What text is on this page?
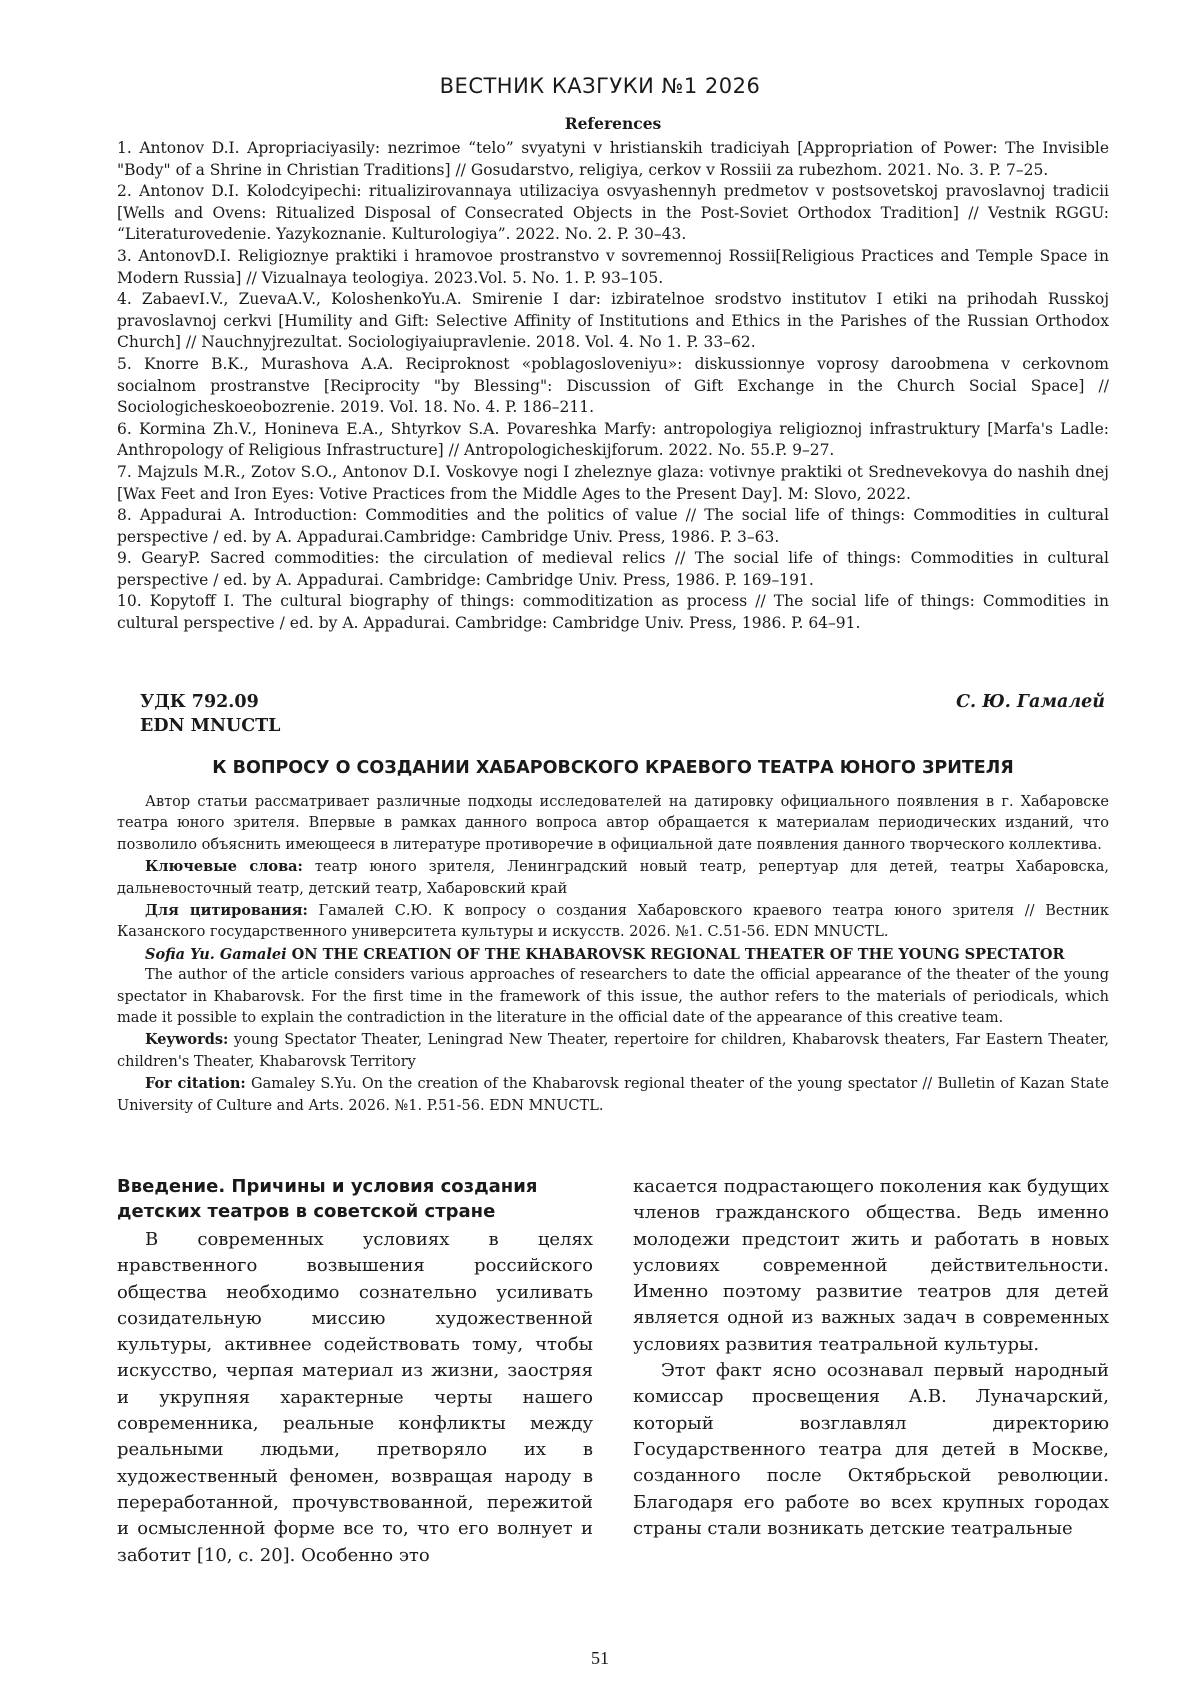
ВЕСТНИК КАЗГУКИ №1 2026

References

1. Antonov D.I. Apropriaciyasily: nezrimoe “telo” svyatyni v hristianskih tradiciyah [Appropriation of Power: The Invisible "Body" of a Shrine in Christian Traditions] // Gosudarstvo, religiya, cerkov v Rossiii za rubezhom. 2021. No. 3. P. 7–25.

2. Antonov D.I. Kolodcyipechi: ritualizirovannaya utilizaciya osvyashennyh predmetov v postsovetskoj pravoslavnoj tradicii [Wells and Ovens: Ritualized Disposal of Consecrated Objects in the Post-Soviet Orthodox Tradition] // Vestnik RGGU: “Literaturovedenie. Yazykoznanie. Kulturologiya”. 2022. No. 2. P. 30–43.

3. AntonovD.I. Religioznye praktiki i hramovoe prostranstvo v sovremennoj Rossii[Religious Practices and Temple Space in Modern Russia] // Vizualnaya teologiya. 2023.Vol. 5. No. 1. P. 93–105.

4. ZabaevI.V., ZuevaA.V., KoloshenkoYu.A. Smirenie I dar: izbiratelnoe srodstvo institutov I etiki na prihodah Russkoj pravoslavnoj cerkvi [Humility and Gift: Selective Affinity of Institutions and Ethics in the Parishes of the Russian Orthodox Church] // Nauchnyjrezultat. Sociologiyaiupravlenie. 2018. Vol. 4. No 1. P. 33–62.

5. Knorre B.K., Murashova A.A. Reciproknost «poblagosloveniyu»: diskussionnye voprosy daroobmena v cerkovnom socialnom prostranstve [Reciprocity "by Blessing": Discussion of Gift Exchange in the Church Social Space] // Sociologicheskoeobozrenie. 2019. Vol. 18. No. 4. P. 186–211.

6. Kormina Zh.V., Honineva E.A., Shtyrkov S.A. Povareshka Marfy: antropologiya religioznoj infrastruktury [Marfa's Ladle: Anthropology of Religious Infrastructure] // Antropologicheskijforum. 2022. No. 55.P. 9–27.

7. Majzuls M.R., Zotov S.O., Antonov D.I. Voskovye nogi I zheleznye glaza: votivnye praktiki ot Srednevekovya do nashih dnej [Wax Feet and Iron Eyes: Votive Practices from the Middle Ages to the Present Day]. M: Slovo, 2022.

8. Appadurai A. Introduction: Commodities and the politics of value // The social life of things: Commodities in cultural perspective / ed. by A. Appadurai.Cambridge: Cambridge Univ. Press, 1986. P. 3–63.

9. GearyP. Sacred commodities: the circulation of medieval relics // The social life of things: Commodities in cultural perspective / ed. by A. Appadurai. Cambridge: Cambridge Univ. Press, 1986. P. 169–191.

10. Kopytoff I. The cultural biography of things: commoditization as process // The social life of things: Commodities in cultural perspective / ed. by A. Appadurai. Cambridge: Cambridge Univ. Press, 1986. P. 64–91.

УДК 792.09	С. Ю. Гамалей
EDN MNUCTL
К ВОПРОСУ О СОЗДАНИИ ХАБАРОВСКОГО КРАЕВОГО ТЕАТРА ЮНОГО ЗРИТЕЛЯ

Автор статьи рассматривает различные подходы исследователей на датировку официального появления в г. Хабаровске театра юного зрителя. Впервые в рамках данного вопроса автор обращается к материалам периодических изданий, что позволило объяснить имеющееся в литературе противоречие в официальной дате появления данного творческого коллектива.

Ключевые слова: театр юного зрителя, Ленинградский новый театр, репертуар для детей, театры Хабаровска, дальневосточный театр, детский театр, Хабаровский край

Для цитирования: Гамалей С.Ю. К вопросу о создания Хабаровского краевого театра юного зрителя // Вестник Казанского государственного университета культуры и искусств. 2026. №1. С.51-56. EDN MNUCTL.

Sofia Yu. Gamalei ON THE CREATION OF THE KHABAROVSK REGIONAL THEATER OF THE YOUNG SPECTATOR

The author of the article considers various approaches of researchers to date the official appearance of the theater of the young spectator in Khabarovsk. For the first time in the framework of this issue, the author refers to the materials of periodicals, which made it possible to explain the contradiction in the literature in the official date of the appearance of this creative team.

Keywords: young Spectator Theater, Leningrad New Theater, repertoire for children, Khabarovsk theaters, Far Eastern Theater, children's Theater, Khabarovsk Territory

For citation: Gamaley S.Yu. On the creation of the Khabarovsk regional theater of the young spectator // Bulletin of Kazan State University of Culture and Arts. 2026. №1. P.51-56. EDN MNUCTL.

Введение. Причины и условия создания детских театров в советской стране

В современных условиях в целях нравственного возвышения российского общества необходимо сознательно усиливать созидательную миссию художественной культуры, активнее содействовать тому, чтобы искусство, черпая материал из жизни, заостряя и укрупняя характерные черты нашего современника, реальные конфликты между реальными людьми, претворяло их в художественный феномен, возвращая народу в переработанной, прочувствованной, пережитой и осмысленной форме все то, что его волнует и заботит [10, с. 20]. Особенно это

касается подрастающего поколения как будущих членов гражданского общества. Ведь именно молодежи предстоит жить и работать в новых условиях современной действительности. Именно поэтому развитие театров для детей является одной из важных задач в современных условиях развития театральной культуры.

Этот факт ясно осознавал первый народный комиссар просвещения А.В. Луначарский, который возглавлял директорию Государственного театра для детей в Москве, созданного после Октябрьской революции. Благодаря его работе во всех крупных городах страны стали возникать детские театральные

51
